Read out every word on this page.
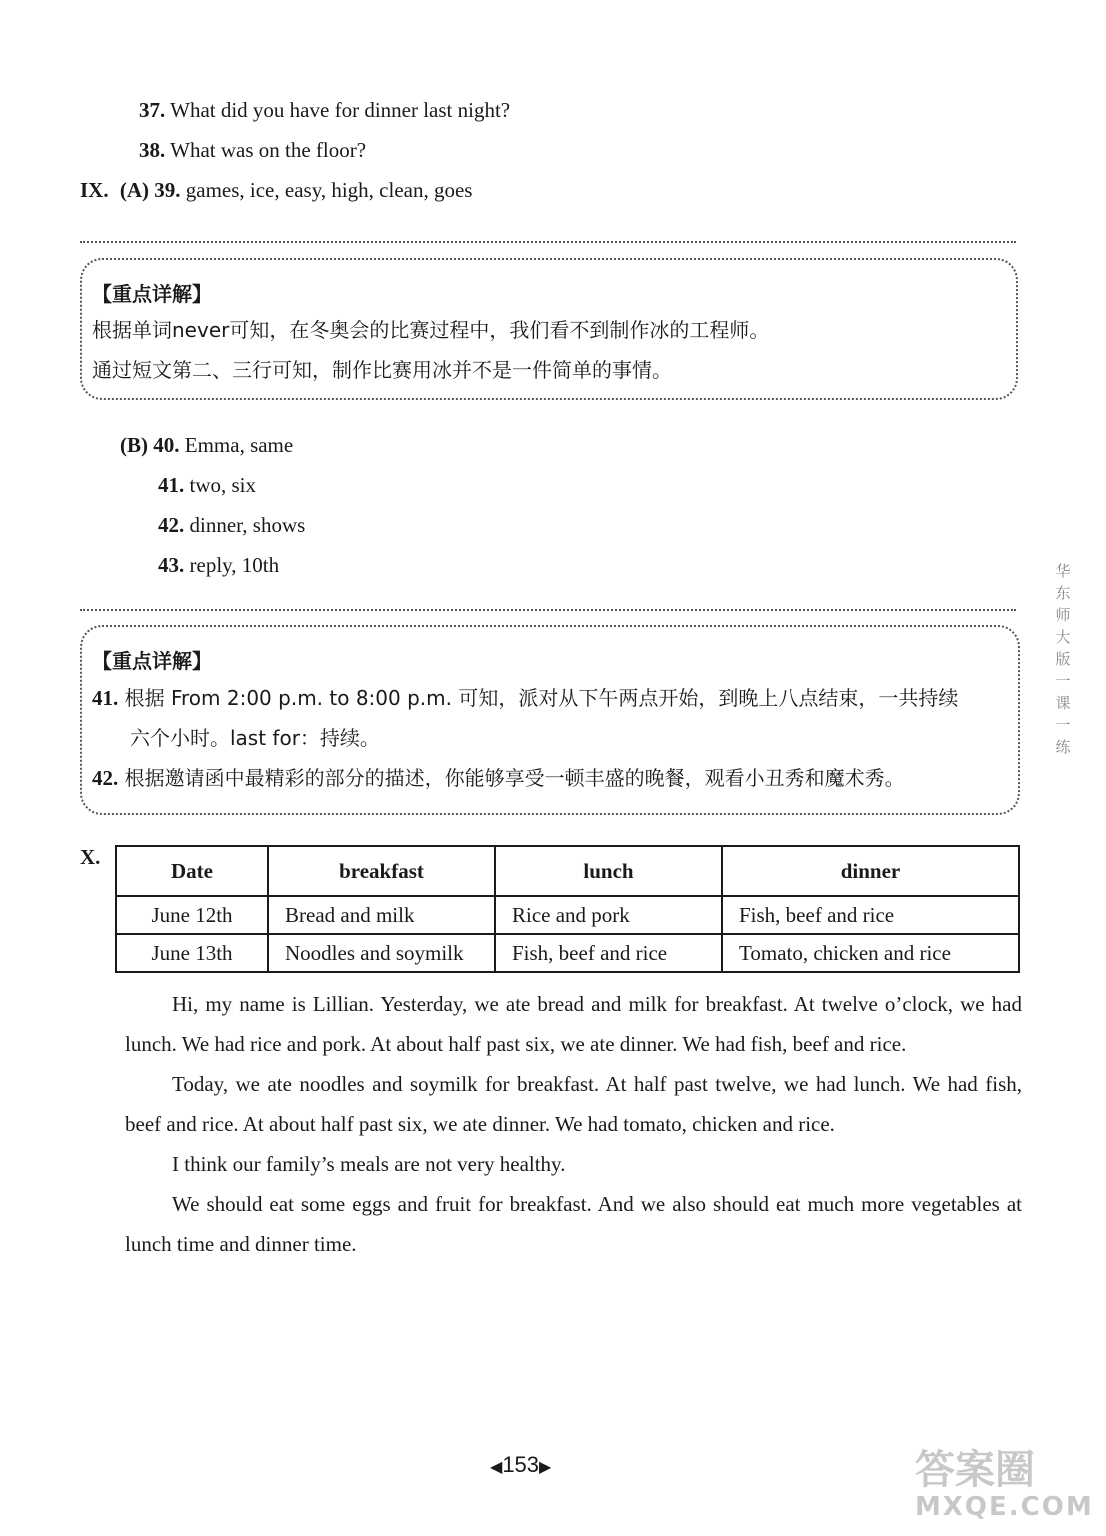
37. What did you have for dinner last night?
38. What was on the floor?
IX. (A) 39. games, ice, easy, high, clean, goes
【重点详解】
根据单词never可知，在冬奥会的比赛过程中，我们看不到制作冰的工程师。
通过短文第二、三行可知，制作比赛用冰并不是一件简单的事情。
(B) 40. Emma, same
41. two, six
42. dinner, shows
43. reply, 10th
【重点详解】
41. 根据 From 2:00 p.m. to 8:00 p.m. 可知，派对从下午两点开始，到晚上八点结束，一共持续
六个小时。last for：持续。
42. 根据邀请函中最精彩的部分的描述，你能够享受一顿丰盛的晚餐，观看小丑秀和魔术秀。
X.
Date	breakfast	lunch	dinner
June 12th	Bread and milk	Rice and pork	Fish, beef and rice
June 13th	Noodles and soymilk	Fish, beef and rice	Tomato, chicken and rice
Hi, my name is Lillian. Yesterday, we ate bread and milk for breakfast. At twelve o’clock, we had lunch. We had rice and pork. At about half past six, we ate dinner. We had fish, beef and rice.
Today, we ate noodles and soymilk for breakfast. At half past twelve, we had lunch. We had fish, beef and rice. At about half past six, we ate dinner. We had tomato, chicken and rice.
I think our family’s meals are not very healthy.
We should eat some eggs and fruit for breakfast. And we also should eat much more vegetables at lunch time and dinner time.
华东师大版一课一练
◀153▶	答案圈
MXQE.COM
